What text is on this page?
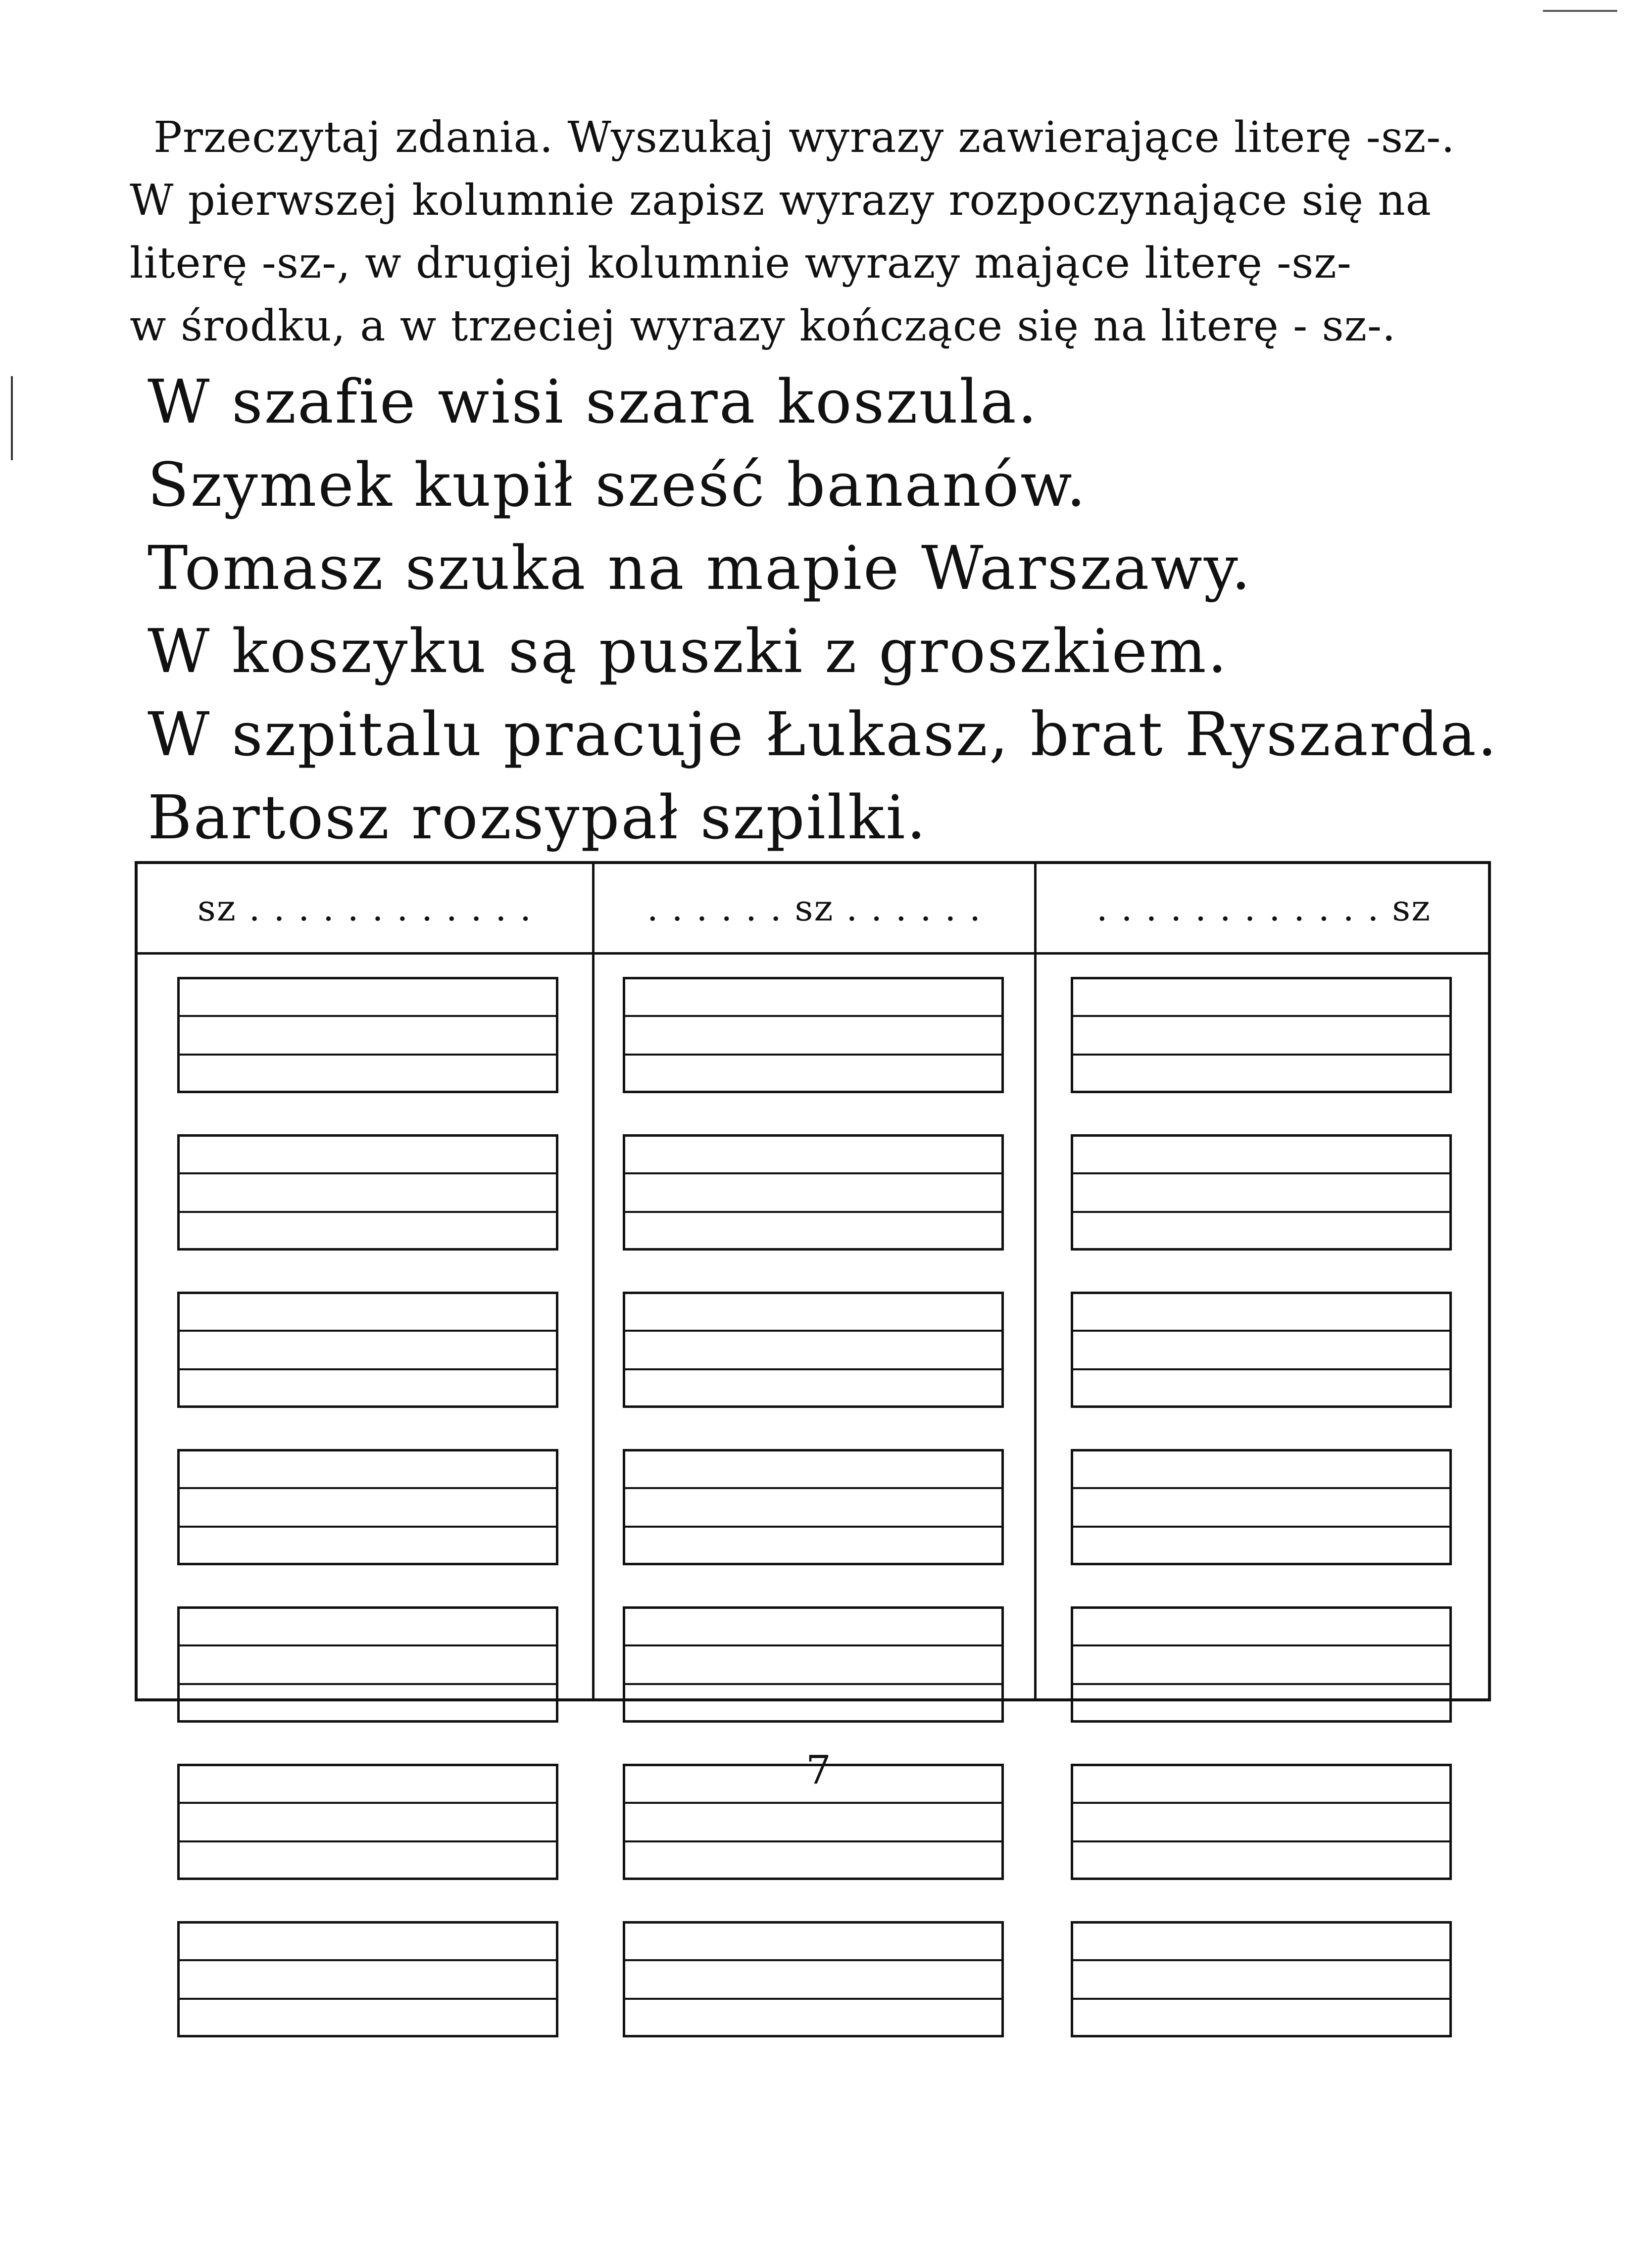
Przeczytaj zdania. Wyszukaj wyrazy zawierające literę -sz-.
W pierwszej kolumnie zapisz wyrazy rozpoczynające się na
literę -sz-, w drugiej kolumnie wyrazy mające literę -sz-
w środku, a w trzeciej wyrazy kończące się na literę - sz-.
W szafie wisi szara koszula.
Szymek kupił sześć bananów.
Tomasz szuka na mapie Warszawy.
W koszyku są puszki z groszkiem.
W szpitalu pracuje Łukasz, brat Ryszarda.
Bartosz rozsypał szpilki.
sz . . . . . . . . . . . .	. . . . . . sz . . . . . .	. . . . . . . . . . . . sz
7
